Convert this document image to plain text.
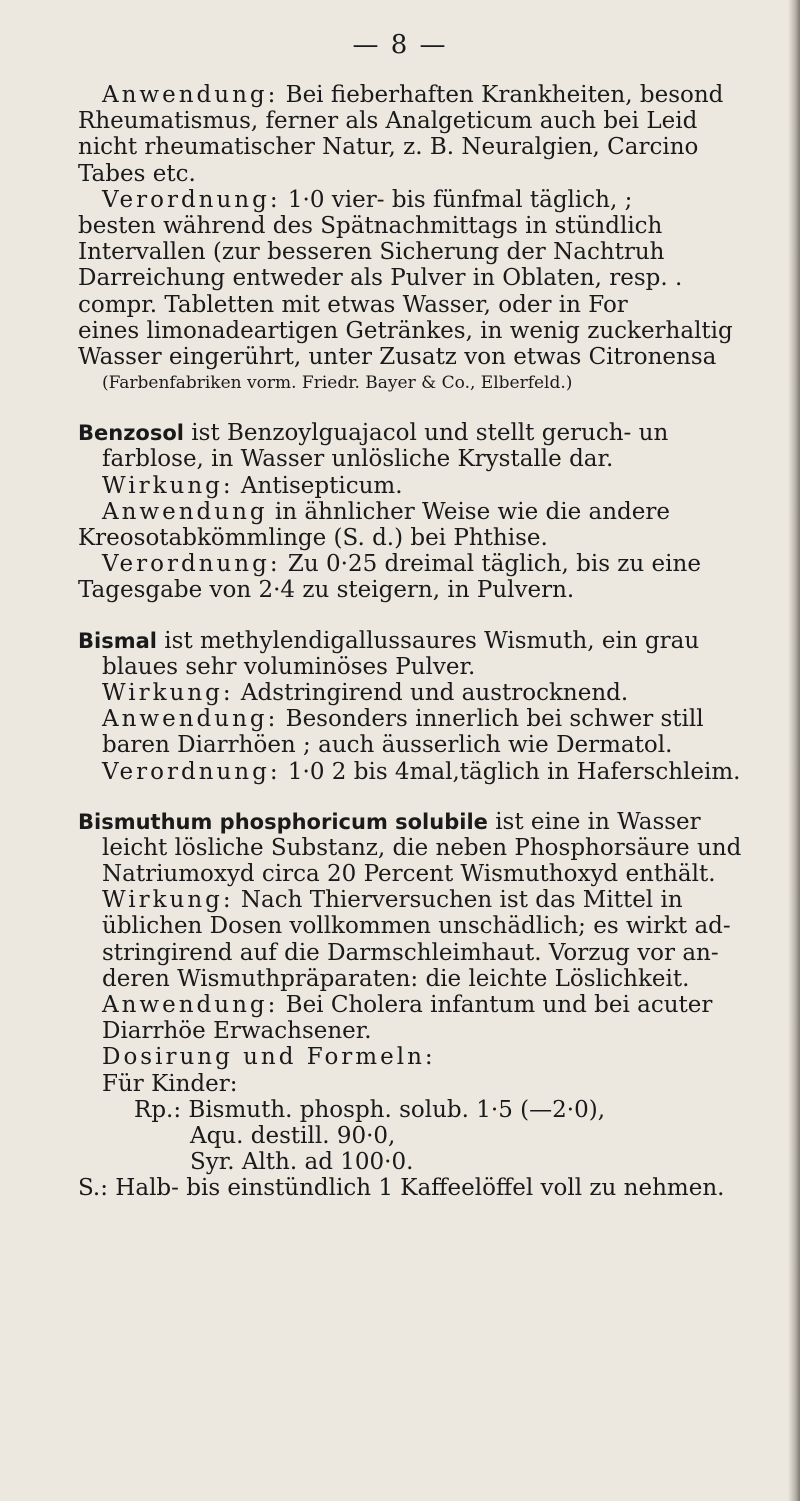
— 8 —
Anwendung: Bei fieberhaften Krankheiten, besond
Rheumatismus, ferner als Analgeticum auch bei Leid
nicht rheumatischer Natur, z. B. Neuralgien, Carcino
Tabes etc.
Verordnung: 1·0 vier- bis fünfmal täglich, ;
besten während des Spätnachmittags in stündlich
Intervallen (zur besseren Sicherung der Nachtruh
Darreichung entweder als Pulver in Oblaten, resp. .
compr. Tabletten mit etwas Wasser, oder in For
eines limonadeartigen Getränkes, in wenig zuckerhaltig
Wasser eingerührt, unter Zusatz von etwas Citronensa
(Farbenfabriken vorm. Friedr. Bayer & Co., Elberfeld.)
Benzosol ist Benzoylguajacol und stellt geruch- un
farblose, in Wasser unlösliche Krystalle dar.
Wirkung: Antisepticum.
Anwendung in ähnlicher Weise wie die andere
Kreosotabkömmlinge (S. d.) bei Phthise.
Verordnung: Zu 0·25 dreimal täglich, bis zu eine
Tagesgabe von 2·4 zu steigern, in Pulvern.
Bismal ist methylendigallussaures Wismuth, ein grau
blaues sehr voluminöses Pulver.
Wirkung: Adstringirend und austrocknend.
Anwendung: Besonders innerlich bei schwer still
baren Diarrhöen ; auch äusserlich wie Dermatol.
Verordnung: 1·0 2 bis 4mal,täglich in Haferschleim.
Bismuthum phosphoricum solubile ist eine in Wasser
leicht lösliche Substanz, die neben Phosphorsäure und
Natriumoxyd circa 20 Percent Wismuthoxyd enthält.
Wirkung: Nach Thierversuchen ist das Mittel in
üblichen Dosen vollkommen unschädlich; es wirkt ad-
stringirend auf die Darmschleimhaut. Vorzug vor an-
deren Wismuthpräparaten: die leichte Löslichkeit.
Anwendung: Bei Cholera infantum und bei acuter
Diarrhöe Erwachsener.
Dosirung und Formeln:
Für Kinder:
Rp.: Bismuth. phosph. solub. 1·5 (—2·0),
Aqu. destill. 90·0,
Syr. Alth. ad 100·0.
S.: Halb- bis einstündlich 1 Kaffeelöffel voll zu nehmen.
